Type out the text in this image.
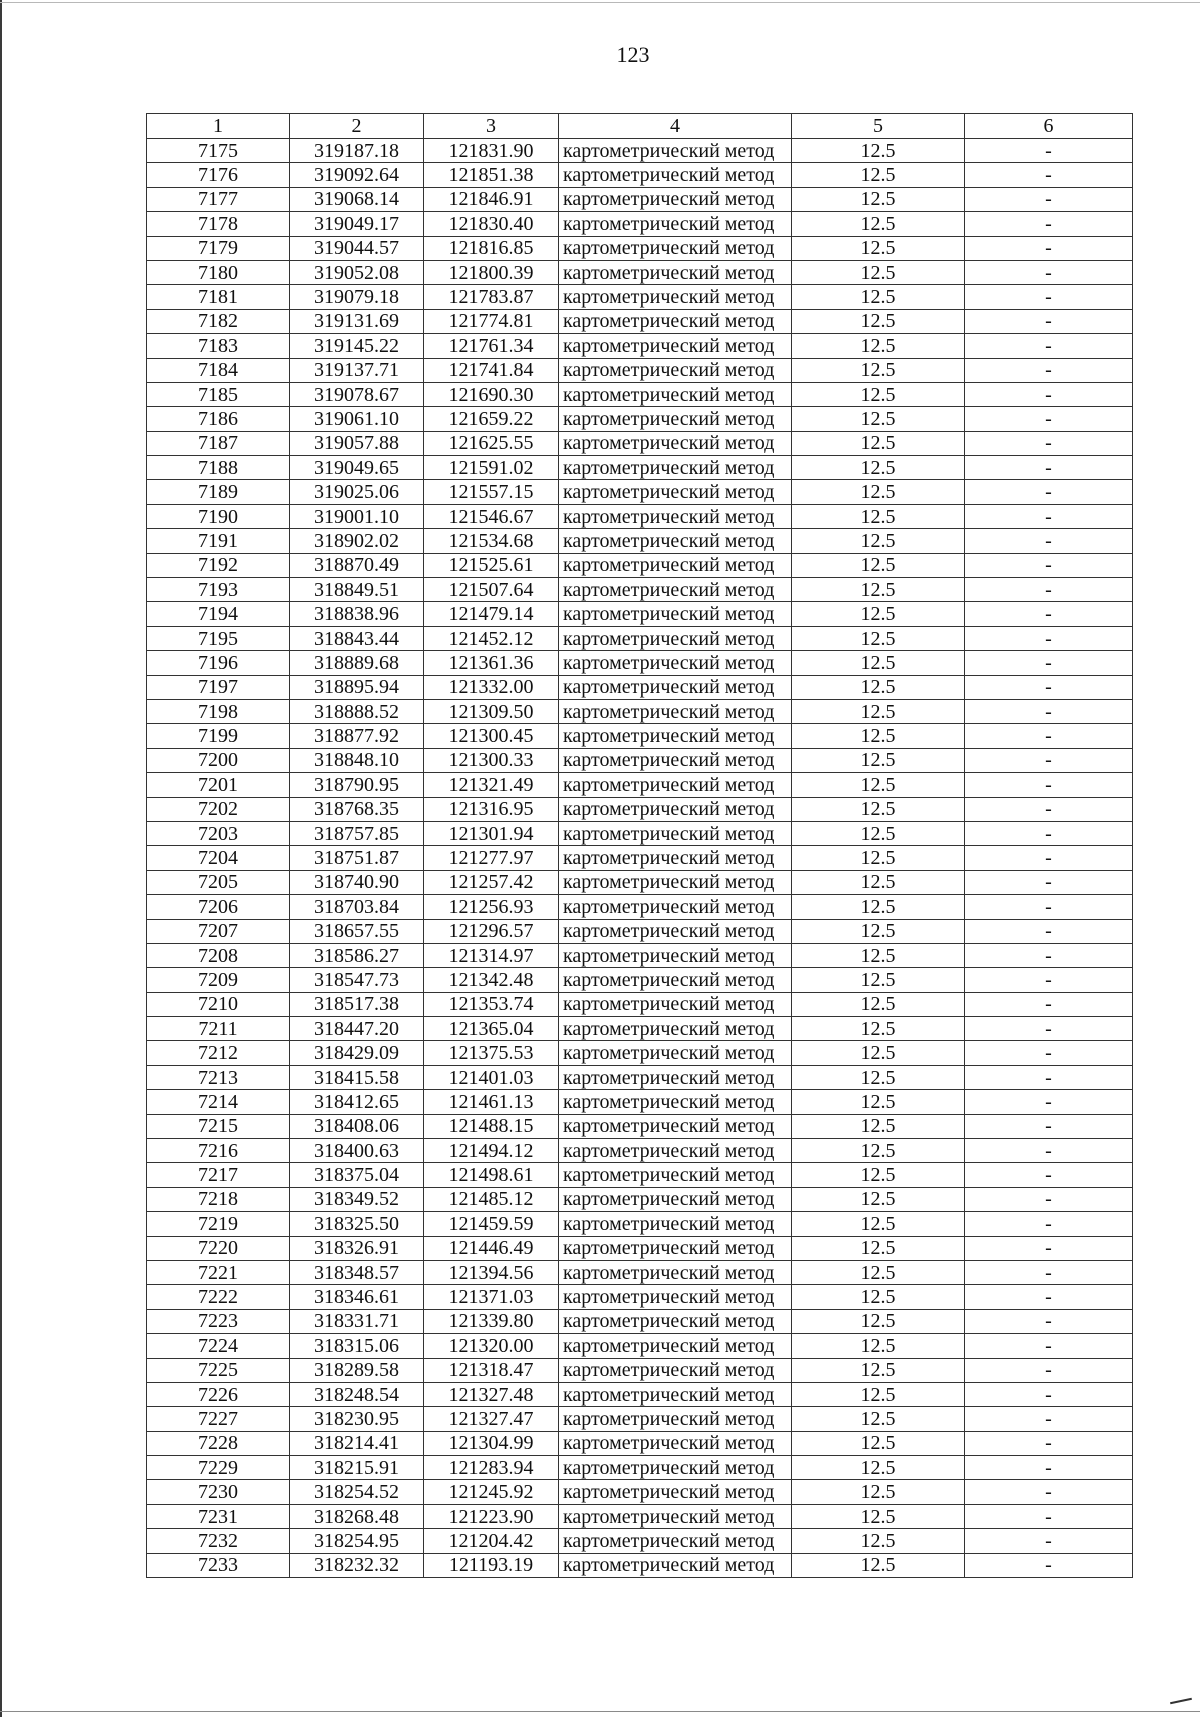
123
1	2	3	4	5	6
7175	319187.18	121831.90	картометрический метод	12.5	-
7176	319092.64	121851.38	картометрический метод	12.5	-
7177	319068.14	121846.91	картометрический метод	12.5	-
7178	319049.17	121830.40	картометрический метод	12.5	-
7179	319044.57	121816.85	картометрический метод	12.5	-
7180	319052.08	121800.39	картометрический метод	12.5	-
7181	319079.18	121783.87	картометрический метод	12.5	-
7182	319131.69	121774.81	картометрический метод	12.5	-
7183	319145.22	121761.34	картометрический метод	12.5	-
7184	319137.71	121741.84	картометрический метод	12.5	-
7185	319078.67	121690.30	картометрический метод	12.5	-
7186	319061.10	121659.22	картометрический метод	12.5	-
7187	319057.88	121625.55	картометрический метод	12.5	-
7188	319049.65	121591.02	картометрический метод	12.5	-
7189	319025.06	121557.15	картометрический метод	12.5	-
7190	319001.10	121546.67	картометрический метод	12.5	-
7191	318902.02	121534.68	картометрический метод	12.5	-
7192	318870.49	121525.61	картометрический метод	12.5	-
7193	318849.51	121507.64	картометрический метод	12.5	-
7194	318838.96	121479.14	картометрический метод	12.5	-
7195	318843.44	121452.12	картометрический метод	12.5	-
7196	318889.68	121361.36	картометрический метод	12.5	-
7197	318895.94	121332.00	картометрический метод	12.5	-
7198	318888.52	121309.50	картометрический метод	12.5	-
7199	318877.92	121300.45	картометрический метод	12.5	-
7200	318848.10	121300.33	картометрический метод	12.5	-
7201	318790.95	121321.49	картометрический метод	12.5	-
7202	318768.35	121316.95	картометрический метод	12.5	-
7203	318757.85	121301.94	картометрический метод	12.5	-
7204	318751.87	121277.97	картометрический метод	12.5	-
7205	318740.90	121257.42	картометрический метод	12.5	-
7206	318703.84	121256.93	картометрический метод	12.5	-
7207	318657.55	121296.57	картометрический метод	12.5	-
7208	318586.27	121314.97	картометрический метод	12.5	-
7209	318547.73	121342.48	картометрический метод	12.5	-
7210	318517.38	121353.74	картометрический метод	12.5	-
7211	318447.20	121365.04	картометрический метод	12.5	-
7212	318429.09	121375.53	картометрический метод	12.5	-
7213	318415.58	121401.03	картометрический метод	12.5	-
7214	318412.65	121461.13	картометрический метод	12.5	-
7215	318408.06	121488.15	картометрический метод	12.5	-
7216	318400.63	121494.12	картометрический метод	12.5	-
7217	318375.04	121498.61	картометрический метод	12.5	-
7218	318349.52	121485.12	картометрический метод	12.5	-
7219	318325.50	121459.59	картометрический метод	12.5	-
7220	318326.91	121446.49	картометрический метод	12.5	-
7221	318348.57	121394.56	картометрический метод	12.5	-
7222	318346.61	121371.03	картометрический метод	12.5	-
7223	318331.71	121339.80	картометрический метод	12.5	-
7224	318315.06	121320.00	картометрический метод	12.5	-
7225	318289.58	121318.47	картометрический метод	12.5	-
7226	318248.54	121327.48	картометрический метод	12.5	-
7227	318230.95	121327.47	картометрический метод	12.5	-
7228	318214.41	121304.99	картометрический метод	12.5	-
7229	318215.91	121283.94	картометрический метод	12.5	-
7230	318254.52	121245.92	картометрический метод	12.5	-
7231	318268.48	121223.90	картометрический метод	12.5	-
7232	318254.95	121204.42	картометрический метод	12.5	-
7233	318232.32	121193.19	картометрический метод	12.5	-
